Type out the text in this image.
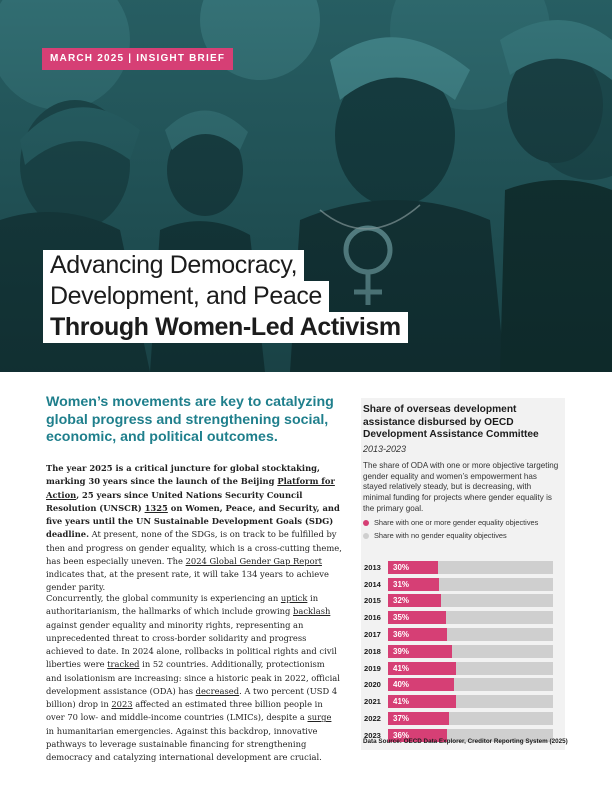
MARCH 2025 | INSIGHT BRIEF
Advancing Democracy,
Development, and Peace
Through Women-Led Activism
Women’s movements are key to catalyzing global progress and strengthening social, economic, and political outcomes.

The year 2025 is a critical juncture for global stocktaking, marking 30 years since the launch of the Beijing Platform for Action, 25 years since United Nations Security Council Resolution (UNSCR) 1325 on Women, Peace, and Security, and five years until the UN Sustainable Development Goals (SDG) deadline. At present, none of the SDGs, is on track to be fulfilled by then and progress on gender equality, which is a cross-cutting theme, has been especially uneven. The 2024 Global Gender Gap Report indicates that, at the present rate, it will take 134 years to achieve gender parity.

Concurrently, the global community is experiencing an uptick in authoritarianism, the hallmarks of which include growing backlash against gender equality and minority rights, representing an unprecedented threat to cross-border solidarity and progress achieved to date. In 2024 alone, rollbacks in political rights and civil liberties were tracked in 52 countries. Additionally, protectionism and isolationism are increasing: since a historic peak in 2022, official development assistance (ODA) has decreased. A two percent (USD 4 billion) drop in 2023 affected an estimated three billion people in over 70 low- and middle-income countries (LMICs), despite a surge in humanitarian emergencies. Against this backdrop, innovative pathways to leverage sustainable financing for strengthening democracy and catalyzing international development are crucial.

Share of overseas development assistance disbursed by OECD Development Assistance Committee
2013-2023
The share of ODA with one or more objective targeting gender equality and women’s empowerment has stayed relatively steady, but is decreasing, with minimal funding for projects where gender equality is the primary goal.
Share with one or more gender equality objectives
Share with no gender equality objectives
2013	30%
2014	31%
2015	32%
2016	35%
2017	36%
2018	39%
2019	41%
2020	40%
2021	41%
2022	37%
2023	36%
Data Source: OECD Data Explorer, Creditor Reporting System (2025)
